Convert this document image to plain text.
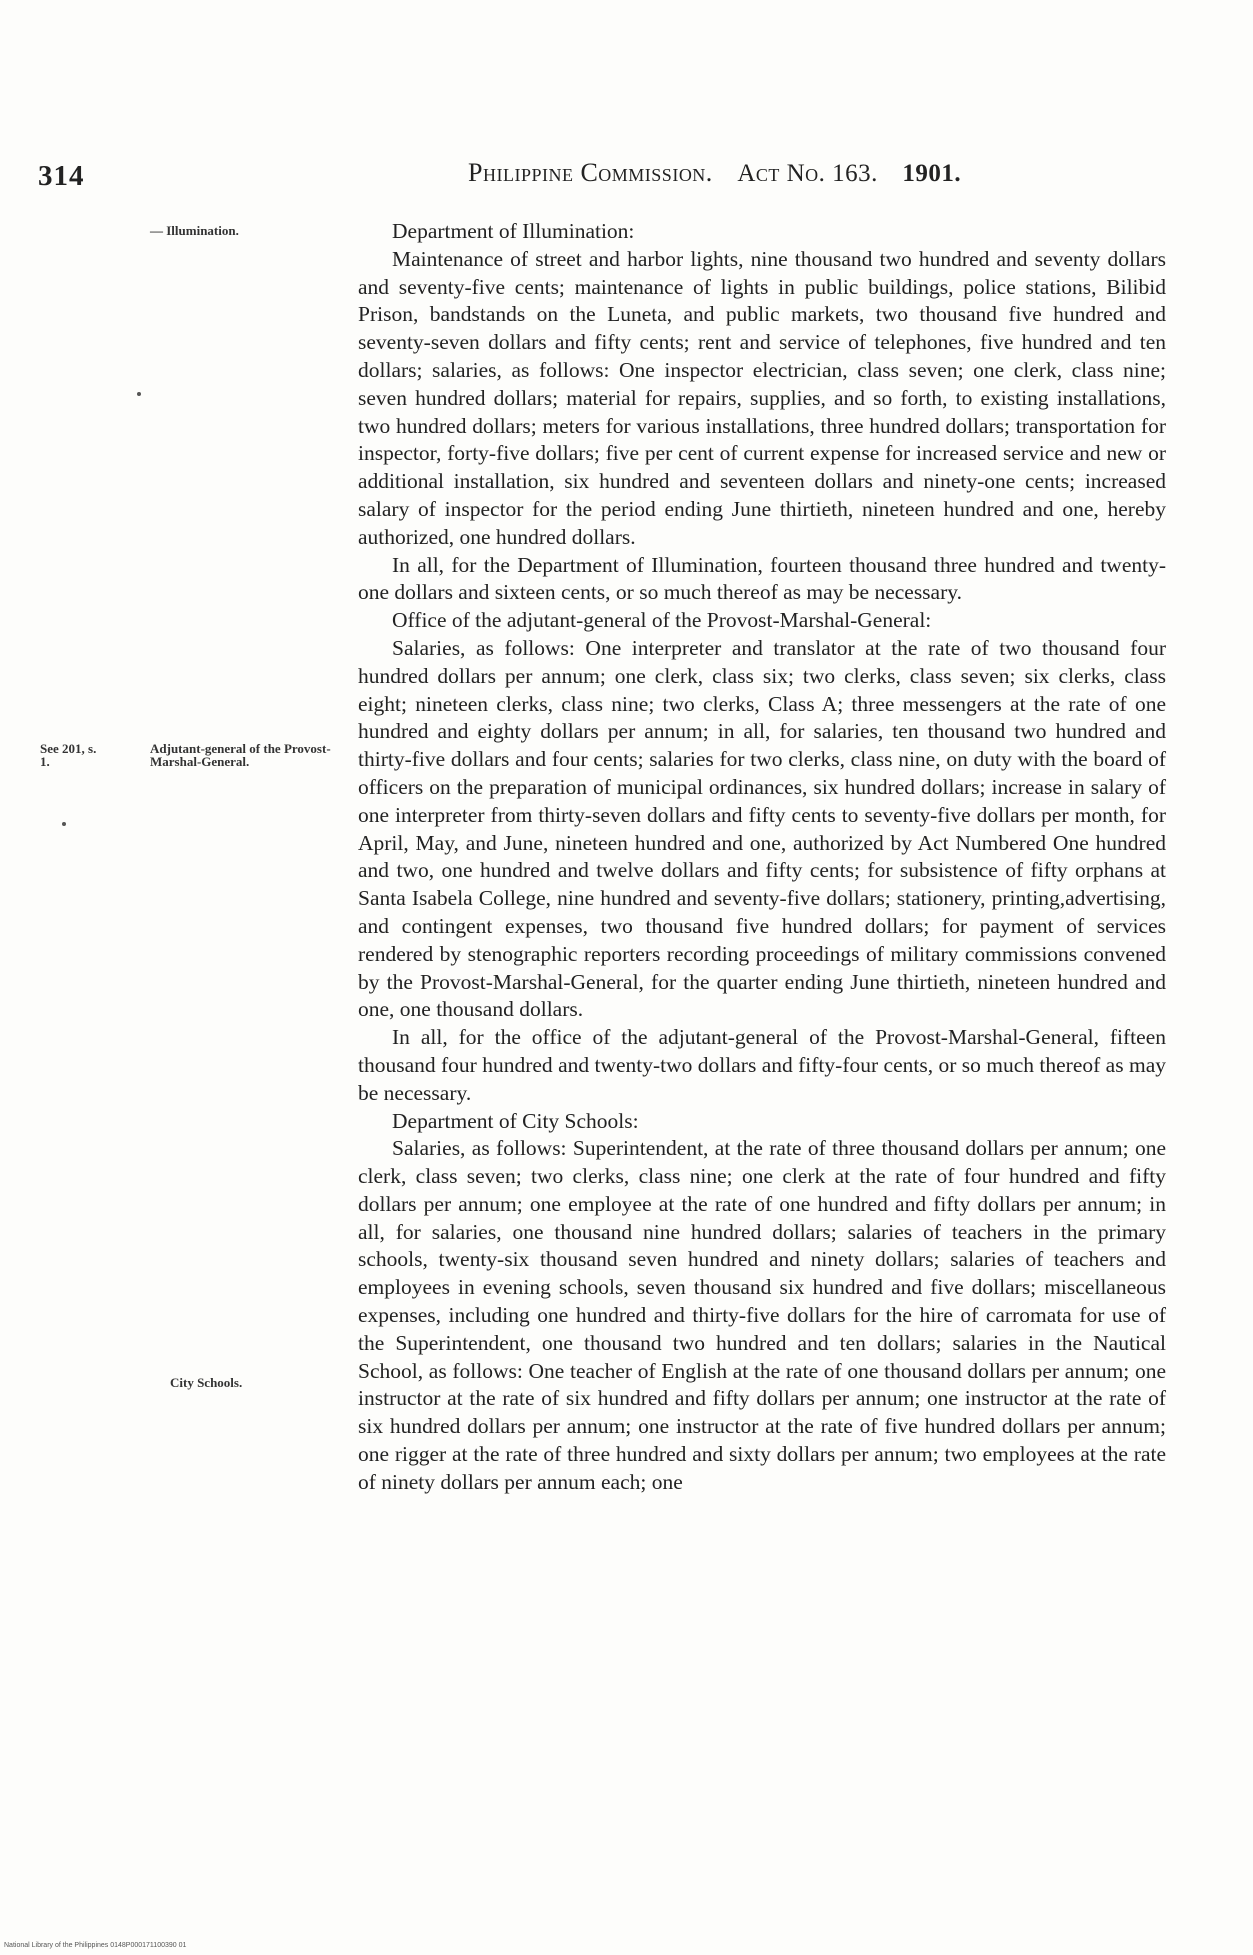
314	Philippine Commission. Act No. 163. 1901.
— Illumination.
See 201, s. 1.
Adjutant-general of the Provost-Marshal-General.
City Schools.

Department of Illumination:

Maintenance of street and harbor lights, nine thousand two hundred and seventy dollars and seventy-five cents; maintenance of lights in public buildings, police stations, Bilibid Prison, bandstands on the Luneta, and public markets, two thousand five hundred and seventy-seven dollars and fifty cents; rent and service of telephones, five hundred and ten dollars; salaries, as follows: One inspector electrician, class seven; one clerk, class nine; seven hundred dollars; material for repairs, supplies, and so forth, to existing installations, two hundred dollars; meters for various installations, three hundred dollars; transportation for inspector, forty-five dollars; five per cent of current expense for increased service and new or additional installation, six hundred and seventeen dollars and ninety-one cents; increased salary of inspector for the period ending June thirtieth, nineteen hundred and one, hereby authorized, one hundred dollars.

In all, for the Department of Illumination, fourteen thousand three hundred and twenty-one dollars and sixteen cents, or so much thereof as may be necessary.

Office of the adjutant-general of the Provost-Marshal-General:

Salaries, as follows: One interpreter and translator at the rate of two thousand four hundred dollars per annum; one clerk, class six; two clerks, class seven; six clerks, class eight; nineteen clerks, class nine; two clerks, Class A; three messengers at the rate of one hundred and eighty dollars per annum; in all, for salaries, ten thousand two hundred and thirty-five dollars and four cents; salaries for two clerks, class nine, on duty with the board of officers on the preparation of municipal ordinances, six hundred dollars; increase in salary of one interpreter from thirty-seven dollars and fifty cents to seventy-five dollars per month, for April, May, and June, nineteen hundred and one, authorized by Act Numbered One hundred and two, one hundred and twelve dollars and fifty cents; for subsistence of fifty orphans at Santa Isabela College, nine hundred and seventy-five dollars; stationery, printing,advertising, and contingent expenses, two thousand five hundred dollars; for payment of services rendered by stenographic reporters recording proceedings of military commissions convened by the Provost-Marshal-General, for the quarter ending June thirtieth, nineteen hundred and one, one thousand dollars.

In all, for the office of the adjutant-general of the Provost-Marshal-General, fifteen thousand four hundred and twenty-two dollars and fifty-four cents, or so much thereof as may be necessary.

Department of City Schools:

Salaries, as follows: Superintendent, at the rate of three thousand dollars per annum; one clerk, class seven; two clerks, class nine; one clerk at the rate of four hundred and fifty dollars per annum; one employee at the rate of one hundred and fifty dollars per annum; in all, for salaries, one thousand nine hundred dollars; salaries of teachers in the primary schools, twenty-six thousand seven hundred and ninety dollars; salaries of teachers and employees in evening schools, seven thousand six hundred and five dollars; miscellaneous expenses, including one hundred and thirty-five dollars for the hire of carromata for use of the Superintendent, one thousand two hundred and ten dollars; salaries in the Nautical School, as follows: One teacher of English at the rate of one thousand dollars per annum; one instructor at the rate of six hundred and fifty dollars per annum; one instructor at the rate of six hundred dollars per annum; one instructor at the rate of five hundred dollars per annum; one rigger at the rate of three hundred and sixty dollars per annum; two employees at the rate of ninety dollars per annum each; one

National Library of the Philippines 0148P000171100390 01
